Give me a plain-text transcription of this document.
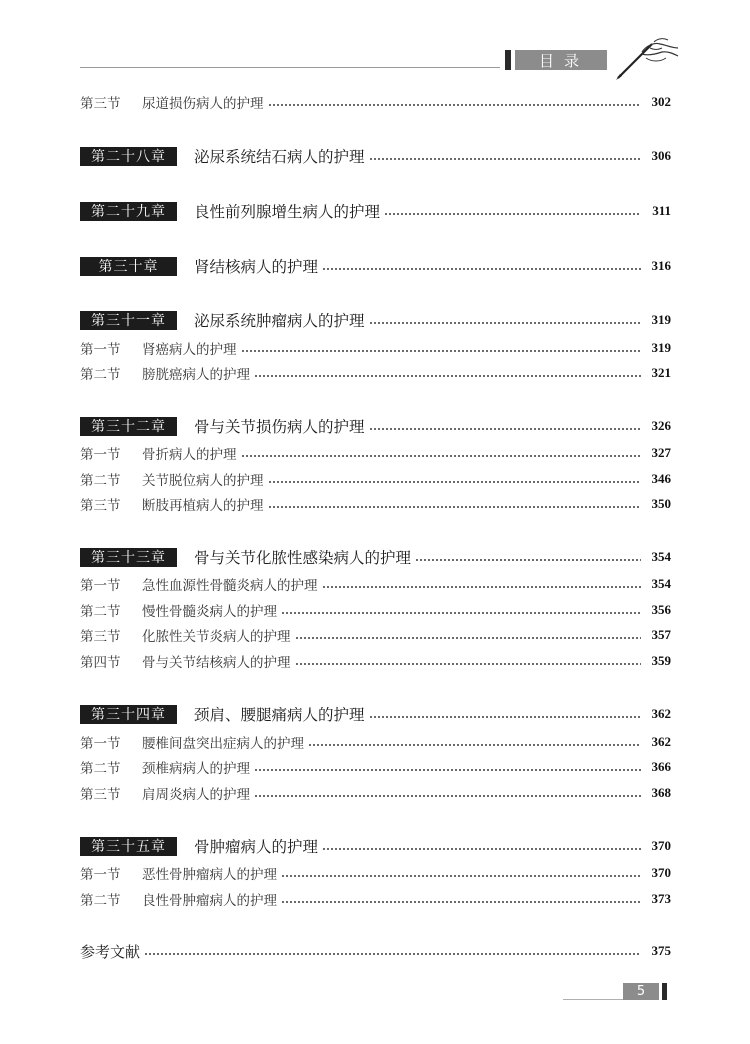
目录
第三节	尿道损伤病人的护理	302
第二十八章	泌尿系统结石病人的护理	306
第二十九章	良性前列腺增生病人的护理	311
第三十章	肾结核病人的护理	316
第三十一章	泌尿系统肿瘤病人的护理	319
第一节	肾癌病人的护理	319
第二节	膀胱癌病人的护理	321
第三十二章	骨与关节损伤病人的护理	326
第一节	骨折病人的护理	327
第二节	关节脱位病人的护理	346
第三节	断肢再植病人的护理	350
第三十三章	骨与关节化脓性感染病人的护理	354
第一节	急性血源性骨髓炎病人的护理	354
第二节	慢性骨髓炎病人的护理	356
第三节	化脓性关节炎病人的护理	357
第四节	骨与关节结核病人的护理	359
第三十四章	颈肩、腰腿痛病人的护理	362
第一节	腰椎间盘突出症病人的护理	362
第二节	颈椎病病人的护理	366
第三节	肩周炎病人的护理	368
第三十五章	骨肿瘤病人的护理	370
第一节	恶性骨肿瘤病人的护理	370
第二节	良性骨肿瘤病人的护理	373
参考文献	375
5
